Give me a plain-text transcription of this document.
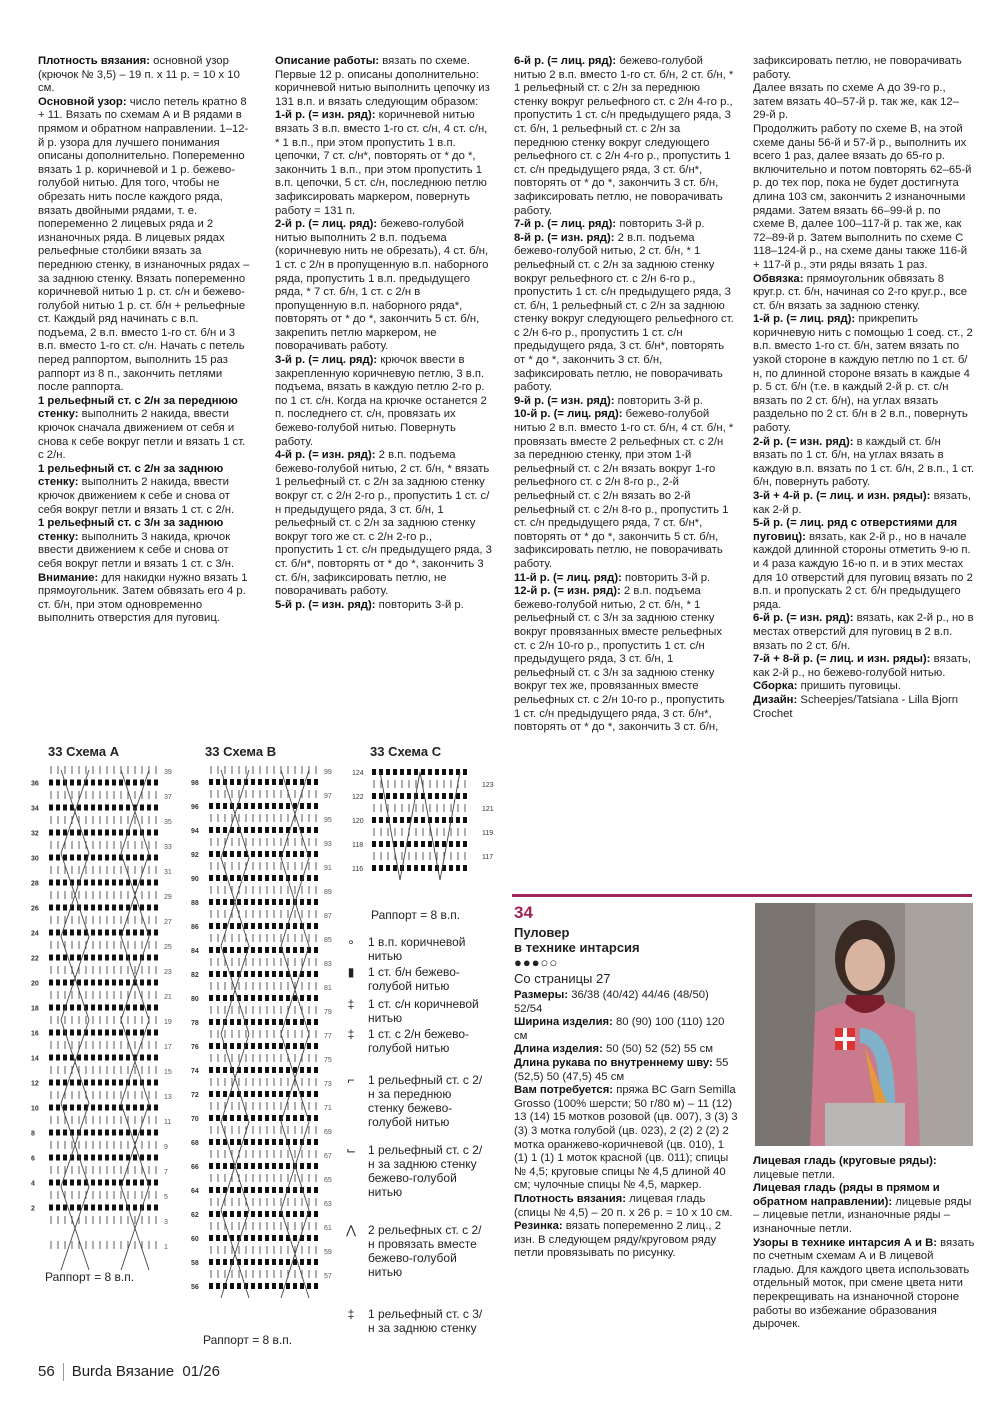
Плотность вязания: основной узор (крючок № 3,5) – 19 п. х 11 р. = 10 х 10 см.

Основной узор: число петель кратно 8 + 11. Вязать по схемам А и В рядами в прямом и обратном направлении. 1–12-й р. узора для лучшего понимания описаны дополнительно. Попеременно вязать 1 р. коричневой и 1 р. бежево-голубой нитью. Для того, чтобы не обрезать нить после каждого ряда, вязать двойными рядами, т. е. попеременно 2 лицевых ряда и 2 изнаночных ряда. В лицевых рядах рельефные столбики вязать за переднюю стенку, в изнаночных рядах – за заднюю стенку. Вязать попеременно коричневой нитью 1 р. ст. с/н и бежево-голубой нитью 1 р. ст. б/н + рельефные ст. Каждый ряд начинать с в.п. подъема, 2 в.п. вместо 1-го ст. б/н и 3 в.п. вместо 1-го ст. с/н. Начать с петель перед раппортом, выполнить 15 раз раппорт из 8 п., закончить петлями после раппорта.

1 рельефный ст. с 2/н за переднюю стенку: выполнить 2 накида, ввести крючок сначала движением от себя и снова к себе вокруг петли и вязать 1 ст. с 2/н.

1 рельефный ст. с 2/н за заднюю стенку: выполнить 2 накида, ввести крючок движением к себе и снова от себя вокруг петли и вязать 1 ст. с 2/н.

1 рельефный ст. с 3/н за заднюю стенку: выполнить 3 накида, крючок ввести движением к себе и снова от себя вокруг петли и вязать 1 ст. с 3/н.

Внимание: для накидки нужно вязать 1 прямоугольник. Затем обвязать его 4 р. ст. б/н, при этом одновременно выполнить отверстия для пуговиц.

Описание работы: вязать по схеме. Первые 12 р. описаны дополнительно: коричневой нитью выполнить цепочку из 131 в.п. и вязать следующим образом:

1-й р. (= изн. ряд): коричневой нитью вязать 3 в.п. вместо 1-го ст. с/н, 4 ст. с/н, * 1 в.п., при этом пропустить 1 в.п. цепочки, 7 ст. с/н*, повторять от * до *, закончить 1 в.п., при этом пропустить 1 в.п. цепочки, 5 ст. с/н, последнюю петлю зафиксировать маркером, повернуть работу = 131 п.

2-й р. (= лиц. ряд): бежево-голубой нитью выполнить 2 в.п. подъема (коричневую нить не обрезать), 4 ст. б/н, 1 ст. с 2/н в пропущенную в.п. наборного ряда, пропустить 1 в.п. предыдущего ряда, * 7 ст. б/н, 1 ст. с 2/н в пропущенную в.п. наборного ряда*, повторять от * до *, закончить 5 ст. б/н, закрепить петлю маркером, не поворачивать работу.

3-й р. (= лиц. ряд): крючок ввести в закрепленную коричневую петлю, 3 в.п. подъема, вязать в каждую петлю 2-го р. по 1 ст. с/н. Когда на крючке останется 2 п. последнего ст. с/н, провязать их бежево-голубой нитью. Повернуть работу.

4-й р. (= изн. ряд): 2 в.п. подъема бежево-голубой нитью, 2 ст. б/н, * вязать 1 рельефный ст. с 2/н за заднюю стенку вокруг ст. с 2/н 2-го р., пропустить 1 ст. с/н предыдущего ряда, 3 ст. б/н, 1 рельефный ст. с 2/н за заднюю стенку вокруг того же ст. с 2/н 2-го р., пропустить 1 ст. с/н предыдущего ряда, 3 ст. б/н*, повторять от * до *, закончить 3 ст. б/н, зафиксировать петлю, не поворачивать работу.

5-й р. (= изн. ряд): повторить 3-й р.

6-й р. (= лиц. ряд): бежево-голубой нитью 2 в.п. вместо 1-го ст. б/н, 2 ст. б/н, * 1 рельефный ст. с 2/н за переднюю стенку вокруг рельефного ст. с 2/н 4-го р., пропустить 1 ст. с/н предыдущего ряда, 3 ст. б/н, 1 рельефный ст. с 2/н за переднюю стенку вокруг следующего рельефного ст. с 2/н 4-го р., пропустить 1 ст. с/н предыдущего ряда, 3 ст. б/н*, повторять от * до *, закончить 3 ст. б/н, зафиксировать петлю, не поворачивать работу.

7-й р. (= лиц. ряд): повторить 3-й р.

8-й р. (= изн. ряд): 2 в.п. подъема бежево-голубой нитью, 2 ст. б/н, * 1 рельефный ст. с 2/н за заднюю стенку вокруг рельефного ст. с 2/н 6-го р., пропустить 1 ст. с/н предыдущего ряда, 3 ст. б/н, 1 рельефный ст. с 2/н за заднюю стенку вокруг следующего рельефного ст. с 2/н 6-го р., пропустить 1 ст. с/н предыдущего ряда, 3 ст. б/н*, повторять от * до *, закончить 3 ст. б/н, зафиксировать петлю, не поворачивать работу.

9-й р. (= изн. ряд): повторить 3-й р.

10-й р. (= лиц. ряд): бежево-голубой нитью 2 в.п. вместо 1-го ст. б/н, 4 ст. б/н, * провязать вместе 2 рельефных ст. с 2/н за переднюю стенку, при этом 1-й рельефный ст. с 2/н вязать вокруг 1-го рельефного ст. с 2/н 8-го р., 2-й рельефный ст. с 2/н вязать во 2-й рельефный ст. с 2/н 8-го р., пропустить 1 ст. с/н предыдущего ряда, 7 ст. б/н*, повторять от * до *, закончить 5 ст. б/н, зафиксировать петлю, не поворачивать работу.

11-й р. (= лиц. ряд): повторить 3-й р.

12-й р. (= изн. ряд): 2 в.п. подъема бежево-голубой нитью, 2 ст. б/н, * 1 рельефный ст. с 3/н за заднюю стенку вокруг провязанных вместе рельефных ст. с 2/н 10-го р., пропустить 1 ст. с/н предыдущего ряда, 3 ст. б/н, 1 рельефный ст. с 3/н за заднюю стенку вокруг тех же, провязанных вместе рельефных ст. с 2/н 10-го р., пропустить 1 ст. с/н предыдущего ряда, 3 ст. б/н*, повторять от * до *, закончить 3 ст. б/н,

зафиксировать петлю, не поворачивать работу.

Далее вязать по схеме А до 39-го р., затем вязать 40–57-й р. так же, как 12–29-й р.

Продолжить работу по схеме В, на этой схеме даны 56-й и 57-й р., выполнить их всего 1 раз, далее вязать до 65-го р. включительно и потом повторять 62–65-й р. до тех пор, пока не будет достигнута длина 103 см, закончить 2 изнаночными рядами. Затем вязать 66–99-й р. по схеме В, далее 100–117-й р. так же, как 72–89-й р. Затем выполнить по схеме С 118–124-й р., на схеме даны также 116-й + 117-й р., эти ряды вязать 1 раз.

Обвязка: прямоугольник обвязать 8 круг.р. ст. б/н, начиная со 2-го круг.р., все ст. б/н вязать за заднюю стенку.

1-й р. (= лиц. ряд): прикрепить коричневую нить с помощью 1 соед. ст., 2 в.п. вместо 1-го ст. б/н, затем вязать по узкой стороне в каждую петлю по 1 ст. б/н, по длинной стороне вязать в каждые 4 р. 5 ст. б/н (т.е. в каждый 2-й р. ст. с/н вязать по 2 ст. б/н), на углах вязать раздельно по 2 ст. б/н в 2 в.п., повернуть работу.

2-й р. (= изн. ряд): в каждый ст. б/н вязать по 1 ст. б/н, на углах вязать в каждую в.п. вязать по 1 ст. б/н, 2 в.п., 1 ст. б/н, повернуть работу.

3-й + 4-й р. (= лиц. и изн. ряды): вязать, как 2-й р.

5-й р. (= лиц. ряд с отверстиями для пуговиц): вязать, как 2-й р., но в начале каждой длинной стороны отметить 9-ю п. и 4 раза каждую 16-ю п. и в этих местах для 10 отверстий для пуговиц вязать по 2 в.п. и пропускать 2 ст. б/н предыдущего ряда.

6-й р. (= изн. ряд): вязать, как 2-й р., но в местах отверстий для пуговиц в 2 в.п. вязать по 2 ст. б/н.

7-й + 8-й р. (= лиц. и изн. ряды): вязать, как 2-й р., но бежево-голубой нитью.

Сборка: пришить пуговицы.

Дизайн: Scheepjes/Tatsiana - Lilla Bjorn Crochet

33 Схема А	33 Схема В	33 Схема С
39
36
37
34
35
32
33
30
31
28
29
26
27
24
25
22
23
20
21
18
19
16
17
14
15
12
13
10
11
8
9
6
7
4
5
2
3
1
Раппорт = 8 в.п.
99
98
97
96
95
94
93
92
91
90
89
88
87
86
85
84
83
82
81
80
79
78
77
76
75
74
73
72
71
70
69
68
67
66
65
64
63
62
61
60
59
58
57
56
Раппорт = 8 в.п.
124
123
122
121
120
119
118
117
116
Раппорт = 8 в.п.
∘	1 в.п. коричневой нитью
▮	1 ст. б/н бежево-голубой нитью
‡	1 ст. с/н коричневой нитью
‡	1 ст. с 2/н бежево-голубой нитью
⌐	1 рельефный ст. с 2/н за переднюю стенку бежево-голубой нитью
⌙ 1 рельефный ст. с 2/н за заднюю стенку бежево-голубой нитью
⋀	2 рельефных ст. с 2/н провязать вместе бежево-голубой нитью
‡	1 рельефный ст. с 3/н за заднюю стенку
34
Пуловер
в технике интарсия
●●●○○
Со страницы 27

Размеры: 36/38 (40/42) 44/46 (48/50) 52/54

Ширина изделия: 80 (90) 100 (110) 120 см

Длина изделия: 50 (50) 52 (52) 55 см

Длина рукава по внутреннему шву: 55 (52,5) 50 (47,5) 45 см

Вам потребуется: пряжа BC Garn Semilla Grosso (100% шерсти; 50 г/80 м) – 11 (12) 13 (14) 15 мотков розовой (цв. 007), 3 (3) 3 (3) 3 мотка голубой (цв. 023), 2 (2) 2 (2) 2 мотка оранжево-коричневой (цв. 010), 1 (1) 1 (1) 1 моток красной (цв. 011); спицы № 4,5; круговые спицы № 4,5 длиной 40 см; чулочные спицы № 4,5, маркер.

Плотность вязания: лицевая гладь (спицы № 4,5) – 20 п. х 26 р. = 10 х 10 см.

Резинка: вязать попеременно 2 лиц., 2 изн. В следующем ряду/круговом ряду петли провязывать по рисунку.

Лицевая гладь (круговые ряды): лицевые петли.

Лицевая гладь (ряды в прямом и обратном направлении): лицевые ряды – лицевые петли, изнаночные ряды – изнаночные петли.

Узоры в технике интарсия А и В: вязать по счетным схемам А и В лицевой гладью. Для каждого цвета использовать отдельный моток, при смене цвета нити перекрещивать на изнаночной стороне работы во избежание образования дырочек.

56 Burda Вязание 01/26
